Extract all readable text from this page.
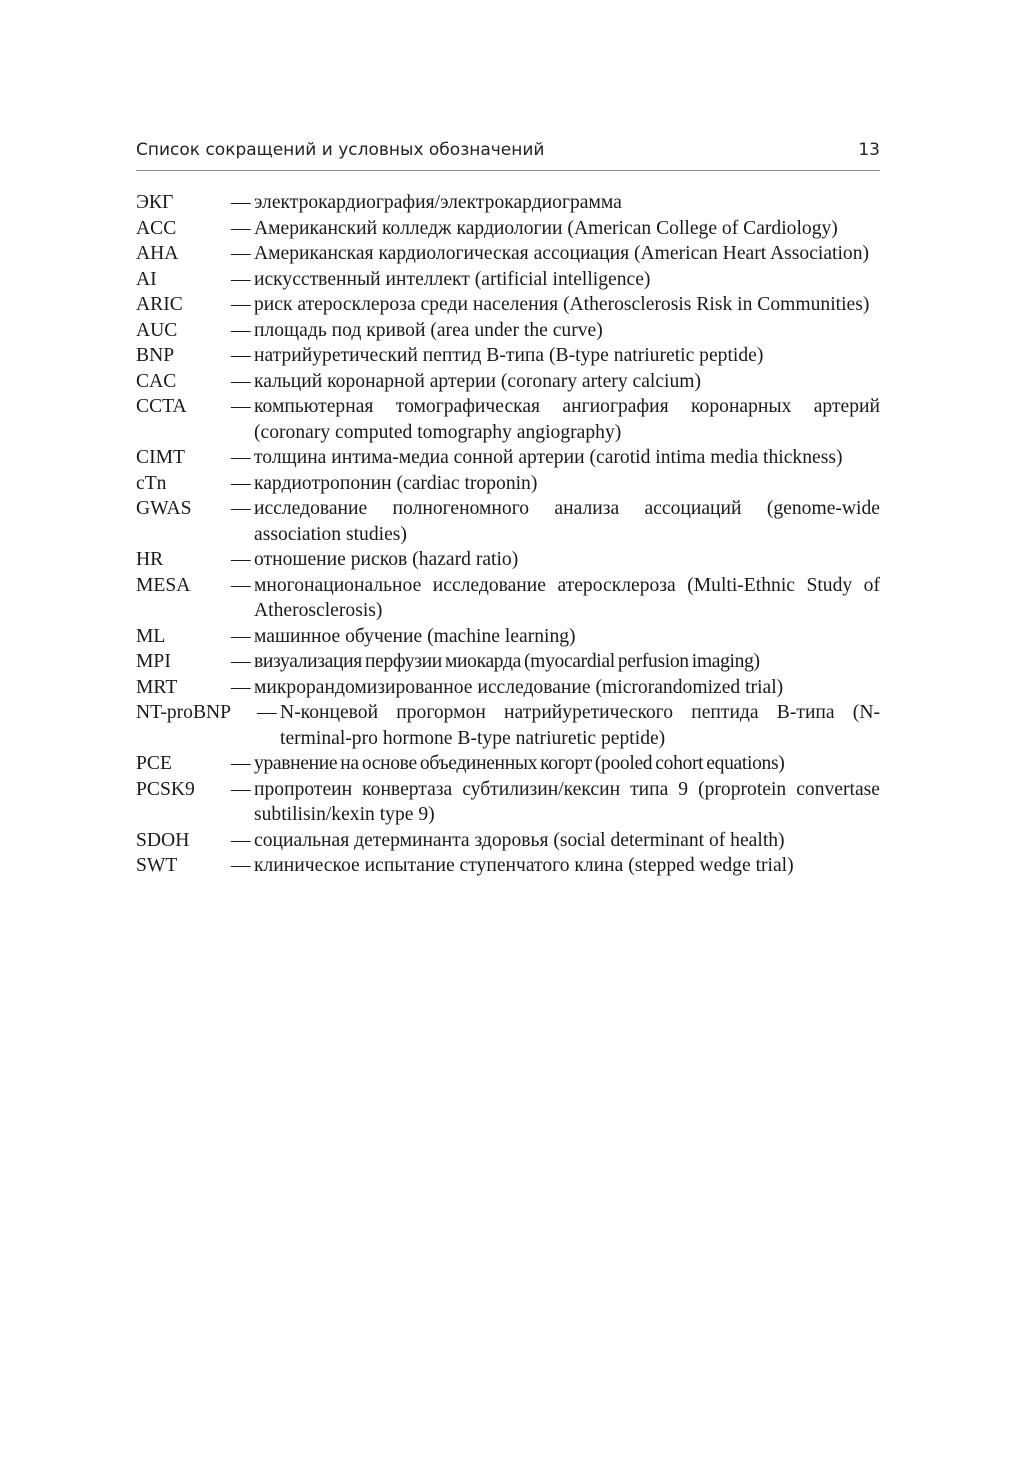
Список сокращений и условных обозначений	13
ЭКГ	— электрокардиография/электрокардиограмма
ACC	— Американский колледж кардиологии (American College of Cardiology)
AHA	— Американская кардиологическая ассоциация (American Heart Association)
AI	— искусственный интеллект (artificial intelligence)
ARIC — риск атеросклероза среди населения (Atherosclerosis Risk in Communities)
AUC	— площадь под кривой (area under the curve)
BNP	— натрийуретический пептид В-типа (B-type natriuretic peptide)
CAC	— кальций коронарной артерии (coronary artery calcium)
CCTA — компьютерная томографическая ангиография коронарных артерий (coronary computed tomography angiography)
CIMT — толщина интима-медиа сонной артерии (carotid intima media thickness)
cTn	— кардиотропонин (cardiac troponin)
GWAS — исследование полногеномного анализа ассоциаций (genome-wide association studies)
HR	— отношение рисков (hazard ratio)
MESA — многонациональное исследование атеросклероза (Multi-Ethnic Study of Atherosclerosis)
ML	— машинное обучение (machine learning)
MPI	— визуализация перфузии миокарда (myocardial perfusion imaging)
MRT	— микрорандомизированное исследование (microrandomized trial)
NT-proBNP — N-концевой прогормон натрийуретического пептида В-типа (N-terminal-pro hormone B-type natriuretic peptide)
PCE	— уравнение на основе объединенных когорт (pooled cohort equations)
PCSK9 — пропротеин конвертаза субтилизин/кексин типа 9 (proprotein convertase subtilisin/kexin type 9)
SDOH — социальная детерминанта здоровья (social determinant of health)
SWT	— клиническое испытание ступенчатого клина (stepped wedge trial)
